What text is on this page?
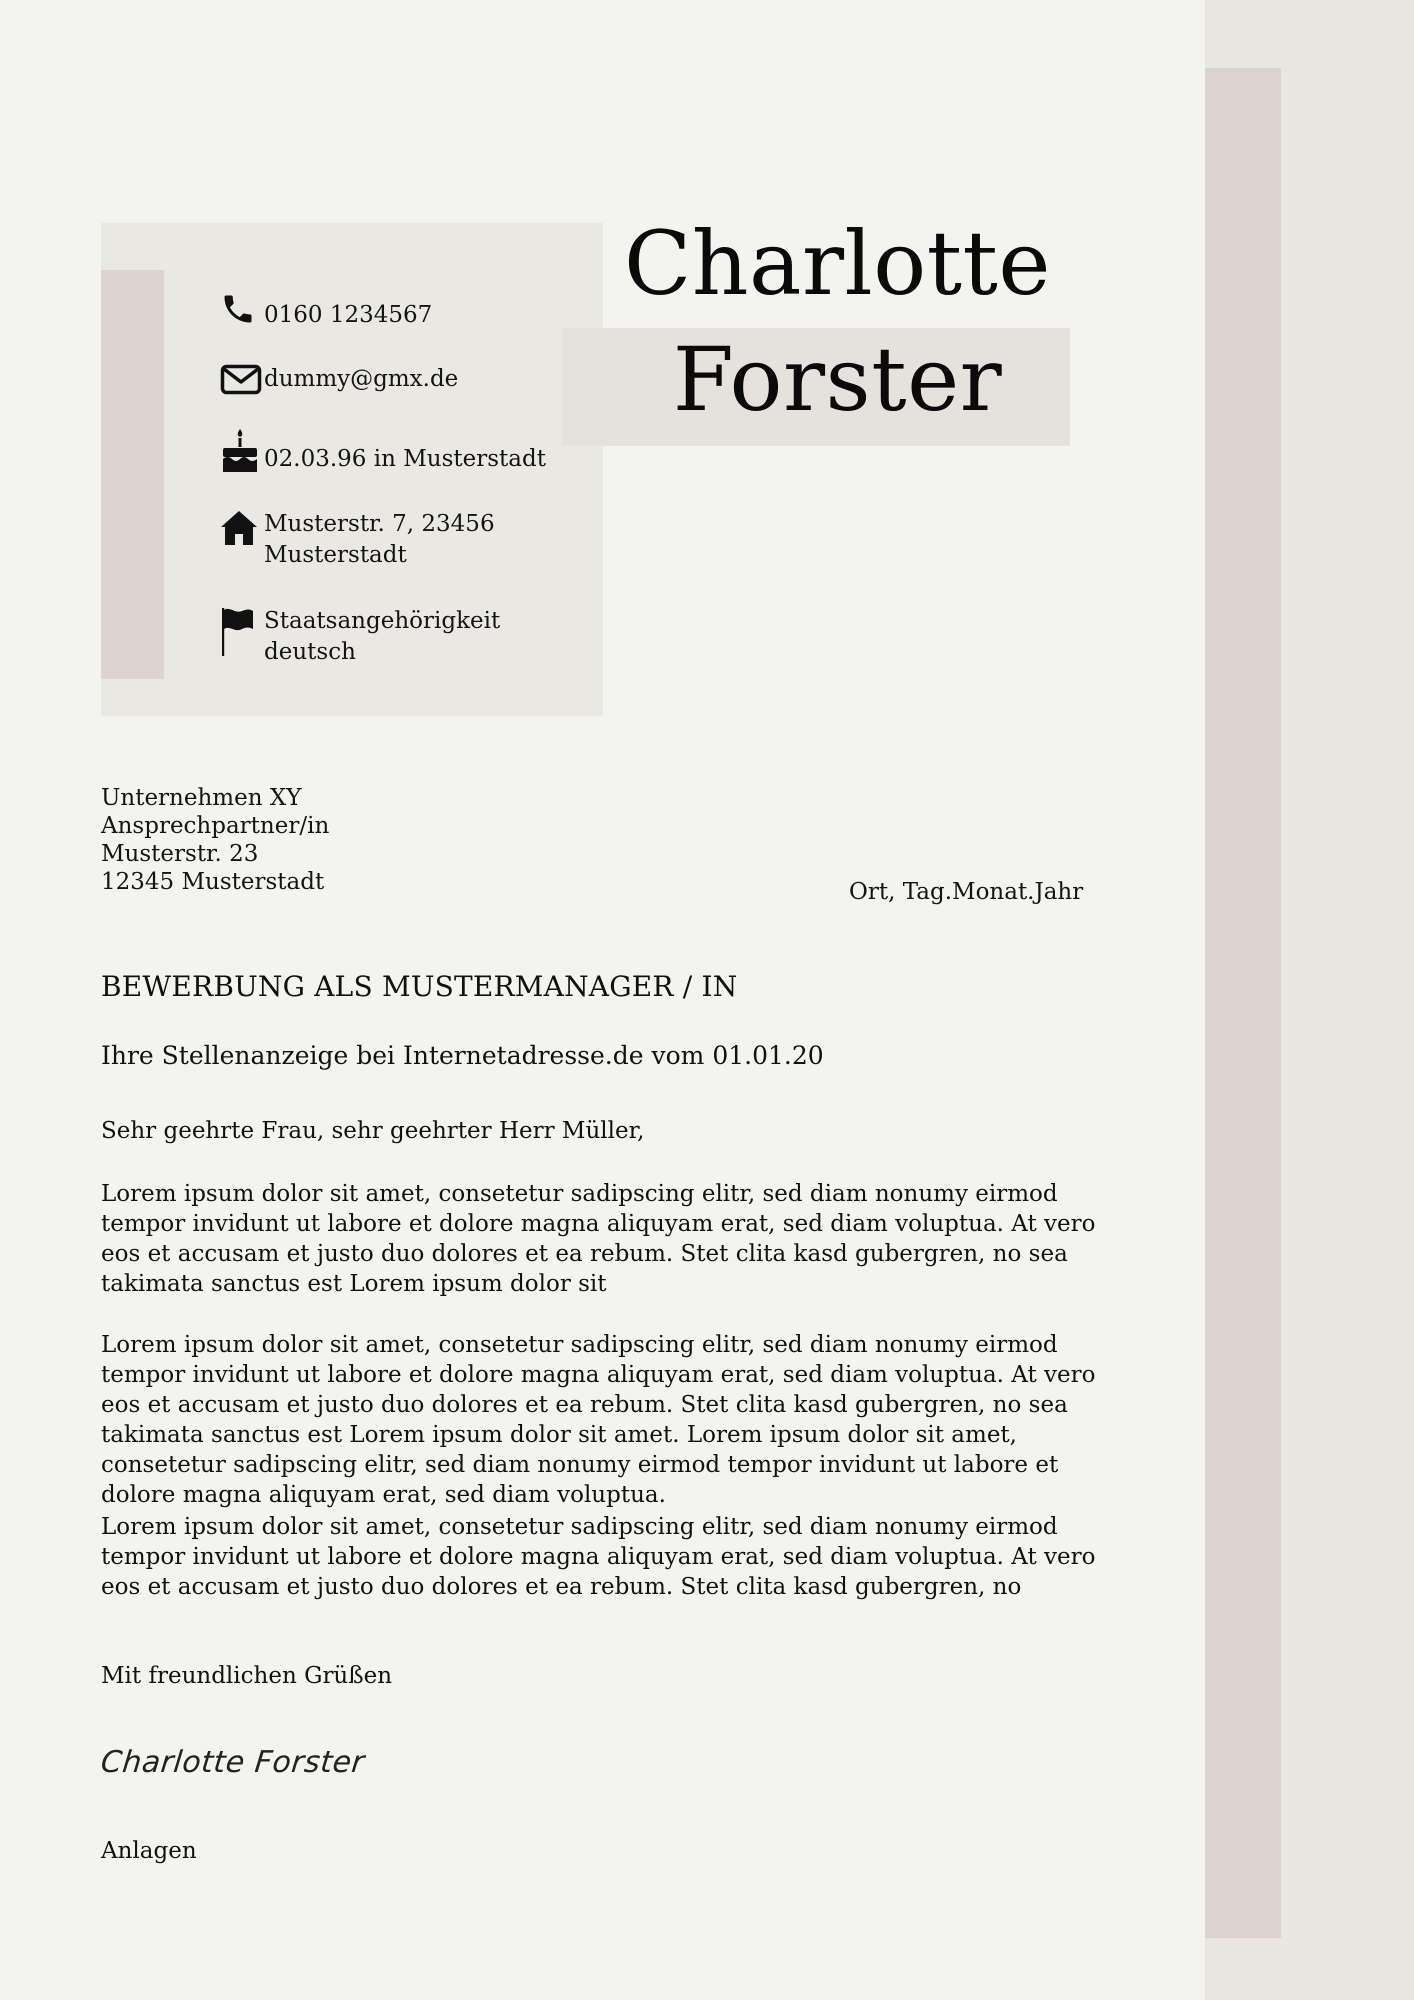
0160 1234567
dummy@gmx.de
02.03.96 in Musterstadt
Musterstr. 7, 23456
Musterstadt
Staatsangehörigkeit
deutsch
Charlotte
Forster
Unternehmen XY
Ansprechpartner/in
Musterstr. 23
12345 Musterstadt	Ort, Tag.Monat.Jahr
BEWERBUNG ALS MUSTERMANAGER / IN
Ihre Stellenanzeige bei Internetadresse.de vom 01.01.20
Sehr geehrte Frau, sehr geehrter Herr Müller,

Lorem ipsum dolor sit amet, consetetur sadipscing elitr, sed diam nonumy eirmod tempor invidunt ut labore et dolore magna aliquyam erat, sed diam voluptua. At vero eos et accusam et justo duo dolores et ea rebum. Stet clita kasd gubergren, no sea takimata sanctus est Lorem ipsum dolor sit

Lorem ipsum dolor sit amet, consetetur sadipscing elitr, sed diam nonumy eirmod tempor invidunt ut labore et dolore magna aliquyam erat, sed diam voluptua. At vero eos et accusam et justo duo dolores et ea rebum. Stet clita kasd gubergren, no sea takimata sanctus est Lorem ipsum dolor sit amet. Lorem ipsum dolor sit amet, consetetur sadipscing elitr, sed diam nonumy eirmod tempor invidunt ut labore et dolore magna aliquyam erat, sed diam voluptua.

Lorem ipsum dolor sit amet, consetetur sadipscing elitr, sed diam nonumy eirmod tempor invidunt ut labore et dolore magna aliquyam erat, sed diam voluptua. At vero eos et accusam et justo duo dolores et ea rebum. Stet clita kasd gubergren, no

Mit freundlichen Grüßen
Charlotte Forster
Anlagen
